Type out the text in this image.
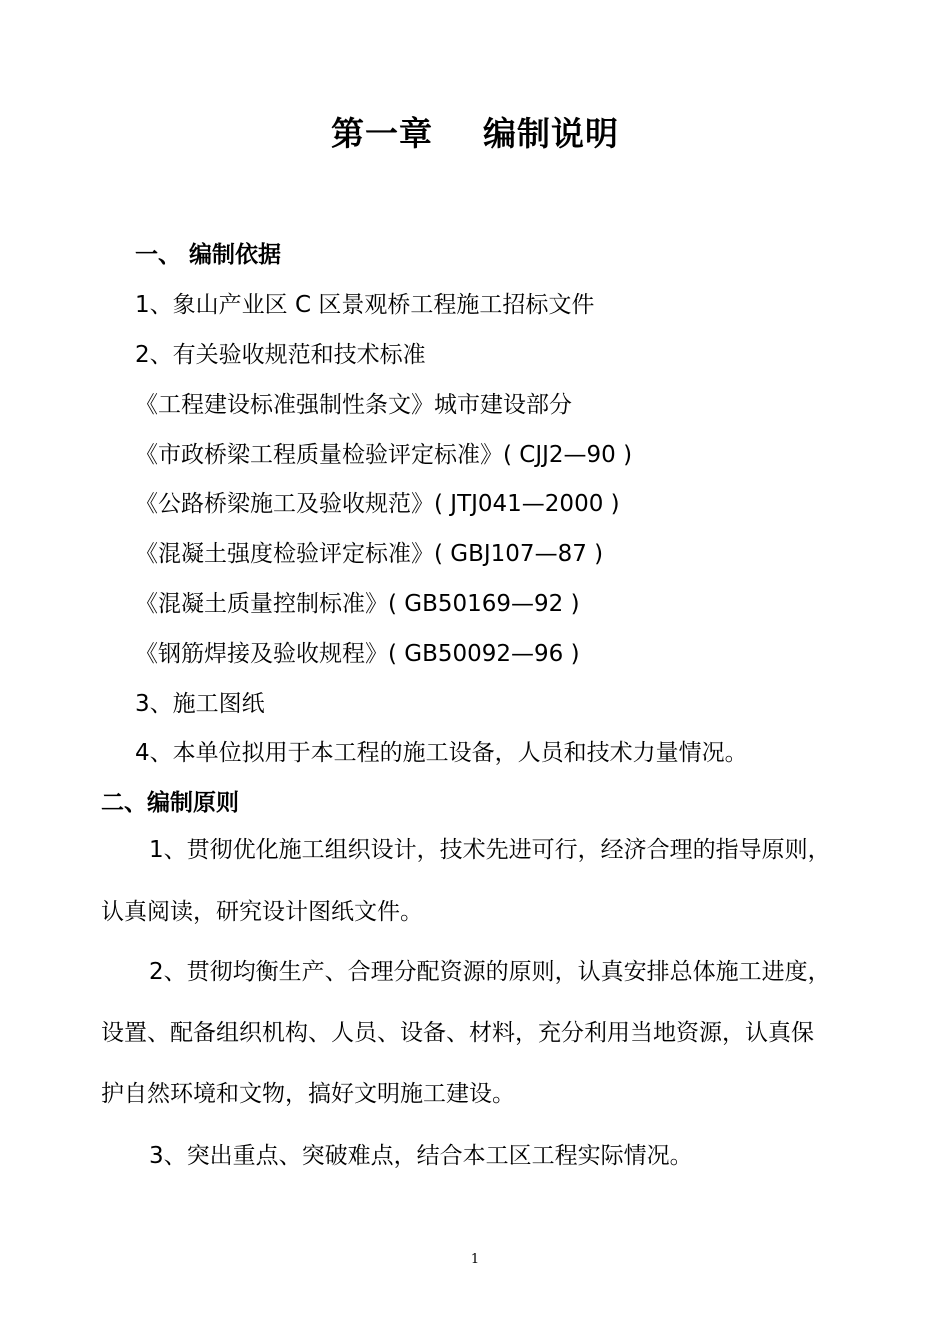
第一章    编制说明
一、 编制依据
1、象山产业区 C 区景观桥工程施工招标文件
2、有关验收规范和技术标准
《工程建设标准强制性条文》城市建设部分
《市政桥梁工程质量检验评定标准》( CJJ2—90 )
《公路桥梁施工及验收规范》( JTJ041—2000 )
《混凝土强度检验评定标准》( GBJ107—87 )
《混凝土质量控制标准》( GB50169—92 )
《钢筋焊接及验收规程》( GB50092—96 )
3、施工图纸
4、本单位拟用于本工程的施工设备，人员和技术力量情况。
二、编制原则
1、贯彻优化施工组织设计，技术先进可行，经济合理的指导原则，
认真阅读，研究设计图纸文件。
2、贯彻均衡生产、合理分配资源的原则，认真安排总体施工进度，
设置、配备组织机构、人员、设备、材料，充分利用当地资源，认真保
护自然环境和文物，搞好文明施工建设。
3、突出重点、突破难点，结合本工区工程实际情况。
1
